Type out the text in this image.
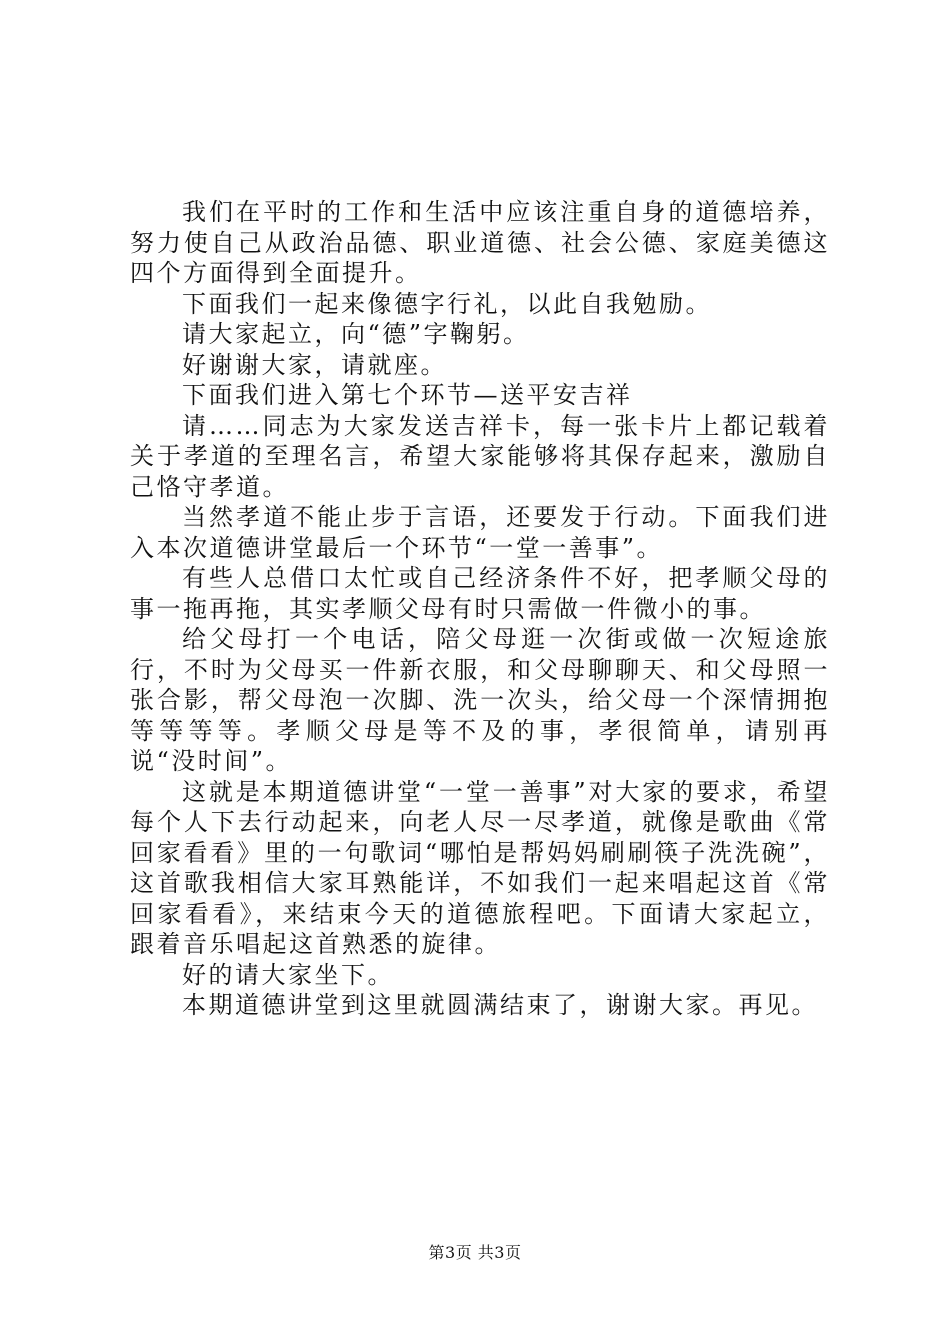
我们在平时的工作和生活中应该注重自身的道德培养，努力使自己从政治品德、职业道德、社会公德、家庭美德这四个方面得到全面提升。

下面我们一起来像德字行礼，以此自我勉励。

请大家起立，向“德”字鞠躬。

好谢谢大家，请就座。

下面我们进入第七个环节—送平安吉祥

请……同志为大家发送吉祥卡，每一张卡片上都记载着关于孝道的至理名言，希望大家能够将其保存起来，激励自己恪守孝道。

当然孝道不能止步于言语，还要发于行动。下面我们进入本次道德讲堂最后一个环节“一堂一善事”。

有些人总借口太忙或自己经济条件不好，把孝顺父母的事一拖再拖，其实孝顺父母有时只需做一件微小的事。

给父母打一个电话，陪父母逛一次街或做一次短途旅行，不时为父母买一件新衣服，和父母聊聊天、和父母照一张合影，帮父母泡一次脚、洗一次头，给父母一个深情拥抱等等等等。孝顺父母是等不及的事，孝很简单，请别再说“没时间”。

这就是本期道德讲堂“一堂一善事”对大家的要求，希望每个人下去行动起来，向老人尽一尽孝道，就像是歌曲《常回家看看》里的一句歌词“哪怕是帮妈妈刷刷筷子洗洗碗”，这首歌我相信大家耳熟能详，不如我们一起来唱起这首《常回家看看》，来结束今天的道德旅程吧。下面请大家起立，跟着音乐唱起这首熟悉的旋律。

好的请大家坐下。

本期道德讲堂到这里就圆满结束了，谢谢大家。再见。

第3页 共3页
